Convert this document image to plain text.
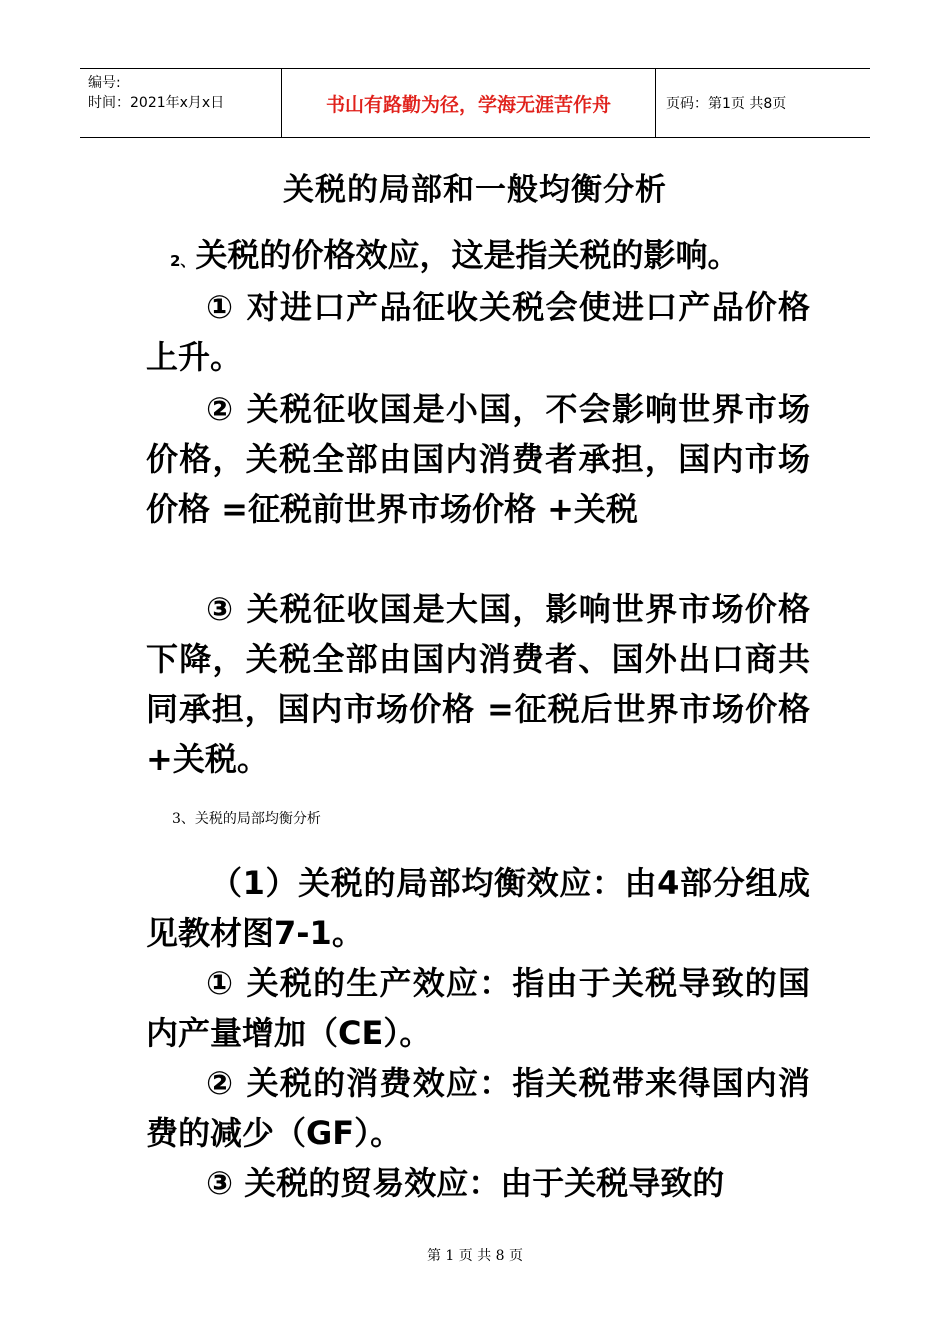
编号:
时间：2021年x月x日	书山有路勤为径，学海无涯苦作舟	页码：第1页 共8页
关税的局部和一般均衡分析

2、关税的价格效应，这是指关税的影响。

① 对进口产品征收关税会使进口产品价格上升。

② 关税征收国是小国，不会影响世界市场价格，关税全部由国内消费者承担，国内市场价格 =征税前世界市场价格 +关税

③ 关税征收国是大国，影响世界市场价格下降，关税全部由国内消费者、国外出口商共同承担，国内市场价格 =征税后世界市场价格 +关税。

3、关税的局部均衡分析

（1）关税的局部均衡效应：由4部分组成见教材图7-1。

① 关税的生产效应：指由于关税导致的国内产量增加（CE）。

② 关税的消费效应：指关税带来得国内消费的减少（GF）。

③ 关税的贸易效应：由于关税导致的

第 1 页 共 8 页
